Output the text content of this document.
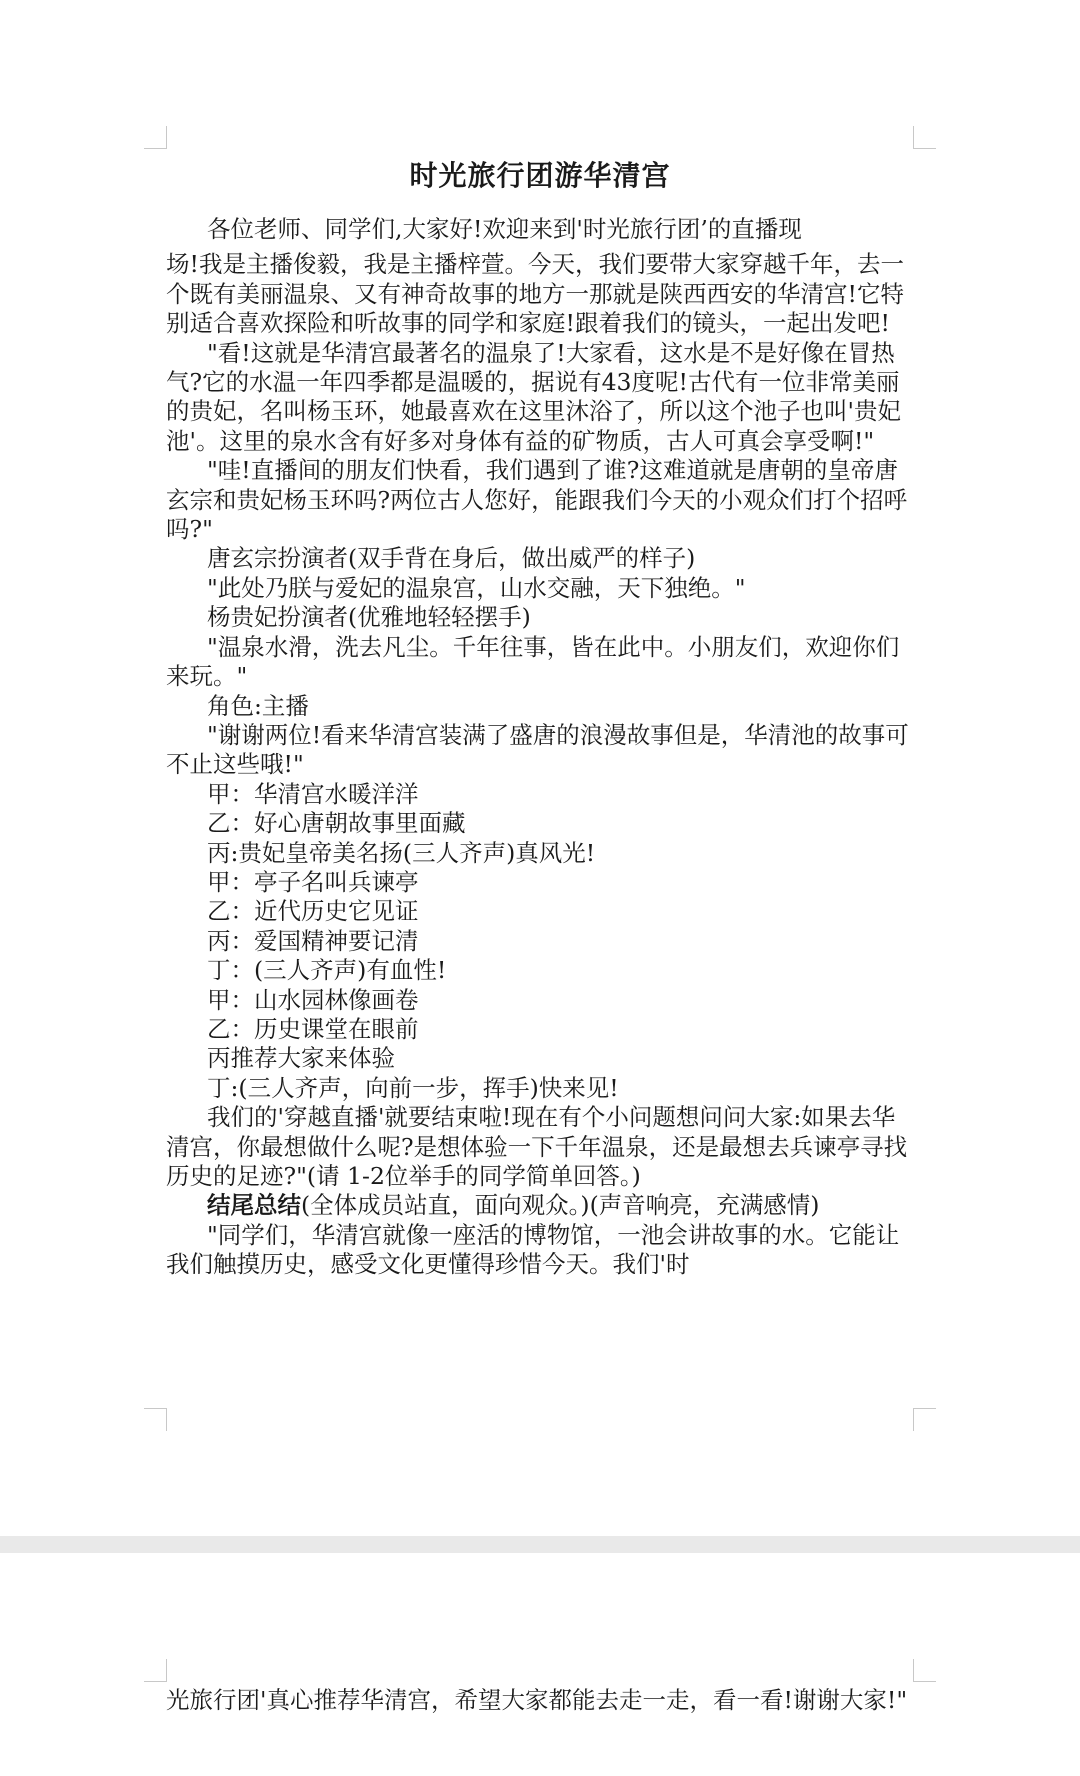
时光旅行团游华清宫

各位老师、同学们,大家好!欢迎来到'时光旅行团’的直播现

场!我是主播俊毅，我是主播梓萱。今天，我们要带大家穿越千年，去一个既有美丽温泉、又有神奇故事的地方一那就是陕西西安的华清宫!它特别适合喜欢探险和听故事的同学和家庭!跟着我们的镜头，一起出发吧!

"看!这就是华清宫最著名的温泉了!大家看，这水是不是好像在冒热气?它的水温一年四季都是温暖的，据说有43度呢!古代有一位非常美丽的贵妃，名叫杨玉环，她最喜欢在这里沐浴了，所以这个池子也叫'贵妃池'。这里的泉水含有好多对身体有益的矿物质，古人可真会享受啊!"

"哇!直播间的朋友们快看，我们遇到了谁?这难道就是唐朝的皇帝唐玄宗和贵妃杨玉环吗?两位古人您好，能跟我们今天的小观众们打个招呼吗?"

唐玄宗扮演者(双手背在身后，做出威严的样子)

"此处乃朕与爱妃的温泉宫，山水交融，天下独绝。"

杨贵妃扮演者(优雅地轻轻摆手)

"温泉水滑，洗去凡尘。千年往事，皆在此中。小朋友们，欢迎你们来玩。"

角色:主播

"谢谢两位!看来华清宫装满了盛唐的浪漫故事但是，华清池的故事可不止这些哦!"

甲：华清宫水暖洋洋

乙：好心唐朝故事里面藏

丙:贵妃皇帝美名扬(三人齐声)真风光!

甲：亭子名叫兵谏亭

乙：近代历史它见证

丙：爱国精神要记清

丁：(三人齐声)有血性!

甲：山水园林像画卷

乙：历史课堂在眼前

丙推荐大家来体验

丁:(三人齐声，向前一步，挥手)快来见!

我们的'穿越直播'就要结束啦!现在有个小问题想问问大家:如果去华清宫，你最想做什么呢?是想体验一下千年温泉，还是最想去兵谏亭寻找历史的足迹?"(请 1-2位举手的同学简单回答。)

结尾总结(全体成员站直，面向观众。)(声音响亮，充满感情)

"同学们，华清宫就像一座活的博物馆，一池会讲故事的水。它能让我们触摸历史，感受文化更懂得珍惜今天。我们'时

光旅行团'真心推荐华清宫，希望大家都能去走一走，看一看!谢谢大家!"
